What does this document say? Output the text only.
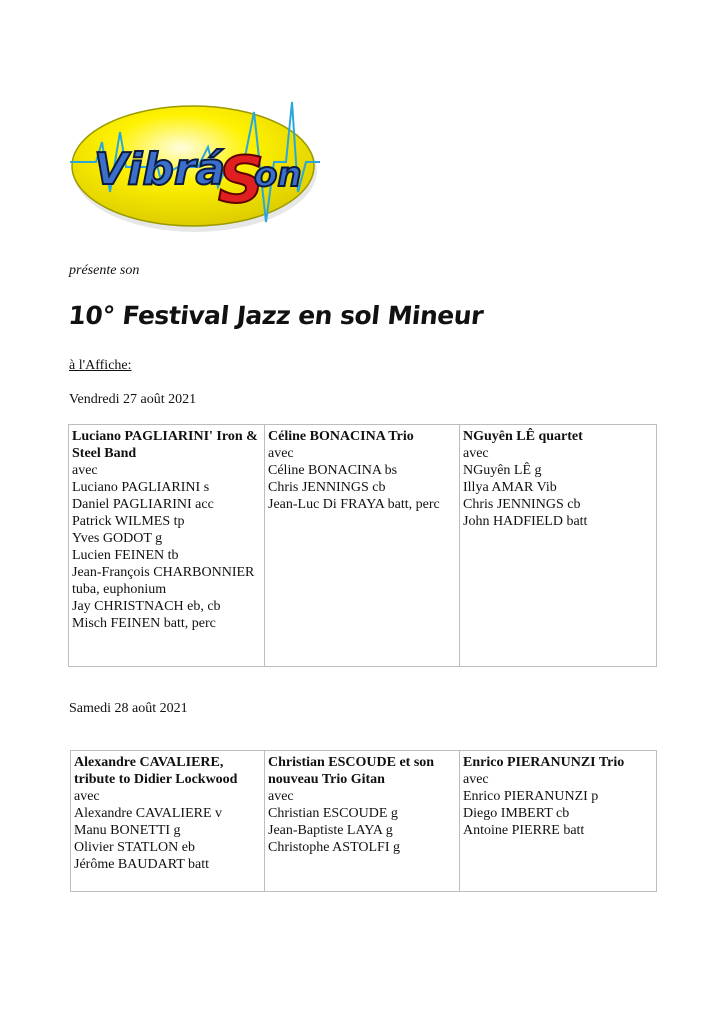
Vibrá
S
on
présente son
10° Festival Jazz en sol Mineur
à l'Affiche:
Vendredi 27 août 2021
Luciano PAGLIARINI' Iron & Steel Band
avec
Luciano PAGLIARINI s
Daniel PAGLIARINI acc
Patrick WILMES tp
Yves GODOT g
Lucien FEINEN tb
Jean-François CHARBONNIER tuba, euphonium
Jay CHRISTNACH eb, cb
Misch FEINEN batt, perc

Céline BONACINA Trio
avec
Céline BONACINA bs
Chris JENNINGS cb
Jean-Luc Di FRAYA batt, perc

NGuyên LÊ quartet
avec
NGuyên LÊ g
Illya AMAR Vib
Chris JENNINGS cb
John HADFIELD batt
Samedi 28 août 2021
Alexandre CAVALIERE, tribute to Didier Lockwood
avec
Alexandre CAVALIERE v
Manu BONETTI g
Olivier STATLON eb
Jérôme BAUDART batt

Christian ESCOUDE et son nouveau Trio Gitan
avec
Christian ESCOUDE g
Jean-Baptiste LAYA g
Christophe ASTOLFI g

Enrico PIERANUNZI Trio
avec
Enrico PIERANUNZI p
Diego IMBERT cb
Antoine PIERRE batt
